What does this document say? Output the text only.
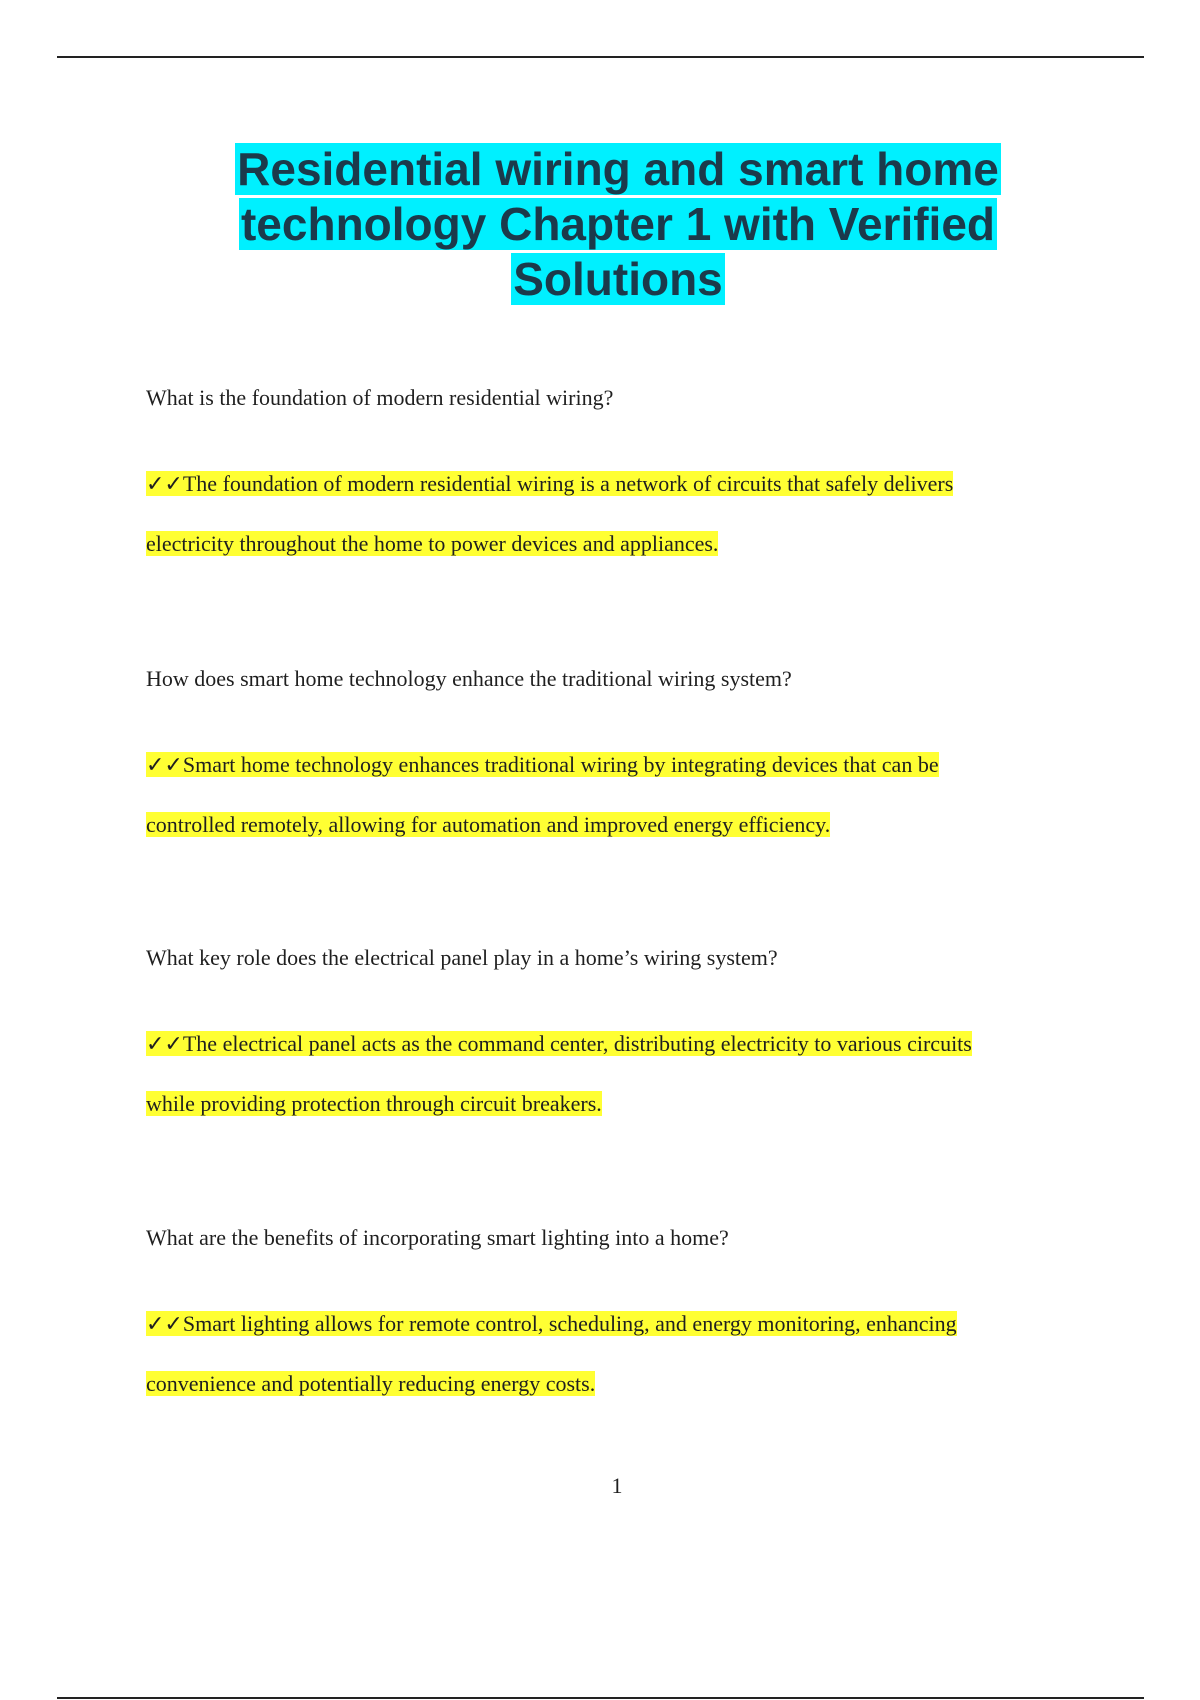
Residential wiring and smart home
technology Chapter 1 with Verified
Solutions

What is the foundation of modern residential wiring?

✓✓The foundation of modern residential wiring is a network of circuits that safely delivers
electricity throughout the home to power devices and appliances.

How does smart home technology enhance the traditional wiring system?

✓✓Smart home technology enhances traditional wiring by integrating devices that can be
controlled remotely, allowing for automation and improved energy efficiency.

What key role does the electrical panel play in a home’s wiring system?

✓✓The electrical panel acts as the command center, distributing electricity to various circuits
while providing protection through circuit breakers.

What are the benefits of incorporating smart lighting into a home?

✓✓Smart lighting allows for remote control, scheduling, and energy monitoring, enhancing
convenience and potentially reducing energy costs.

1
